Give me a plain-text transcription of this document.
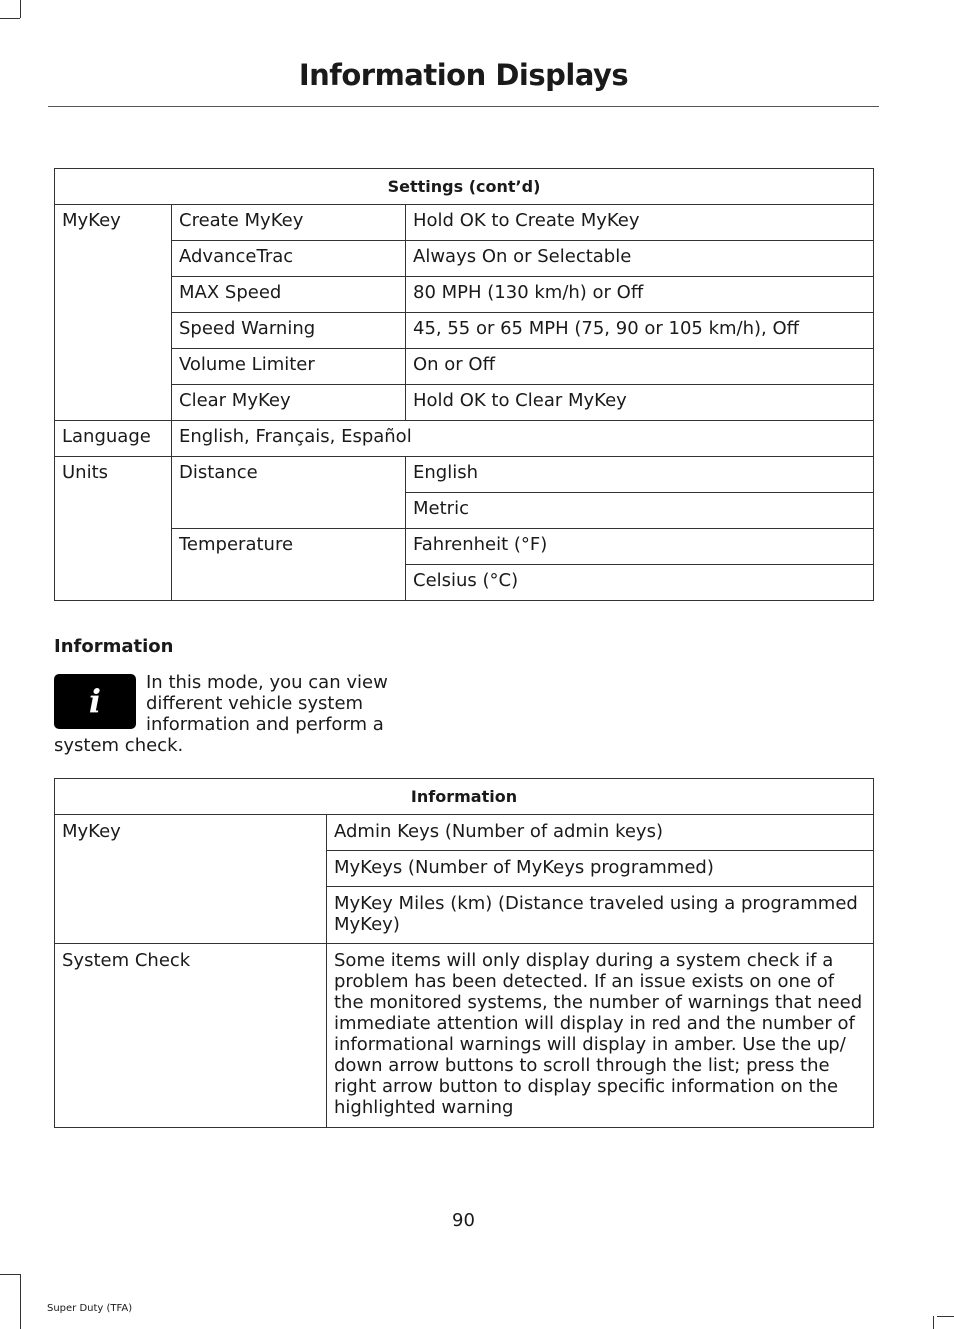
Information Displays
Settings (cont’d)		
MyKey	Create MyKey	Hold OK to Create MyKey
	AdvanceTrac	Always On or Selectable
	MAX Speed	80 MPH (130 km/h) or Off
	Speed Warning	45, 55 or 65 MPH (75, 90 or 105 km/h), Off
	Volume Limiter	On or Off
	Clear MyKey	Hold OK to Clear MyKey
Language	English, Français, Español	
Units	Distance	English
		Metric
	Temperature	Fahrenheit (°F)
		Celsius (°C)
Information

i	In this mode, you can view different vehicle system information and perform a system check.

Information	
MyKey	Admin Keys (Number of admin keys)
	MyKeys (Number of MyKeys programmed)
	MyKey Miles (km) (Distance traveled using a programmed MyKey)
System Check	Some items will only display during a system check if a problem has been detected. If an issue exists on one of the monitored systems, the number of warnings that need immediate attention will display in red and the number of informational warnings will display in amber. Use the up/ down arrow buttons to scroll through the list; press the right arrow button to display specific information on the highlighted warning

90

Super Duty (TFA)
